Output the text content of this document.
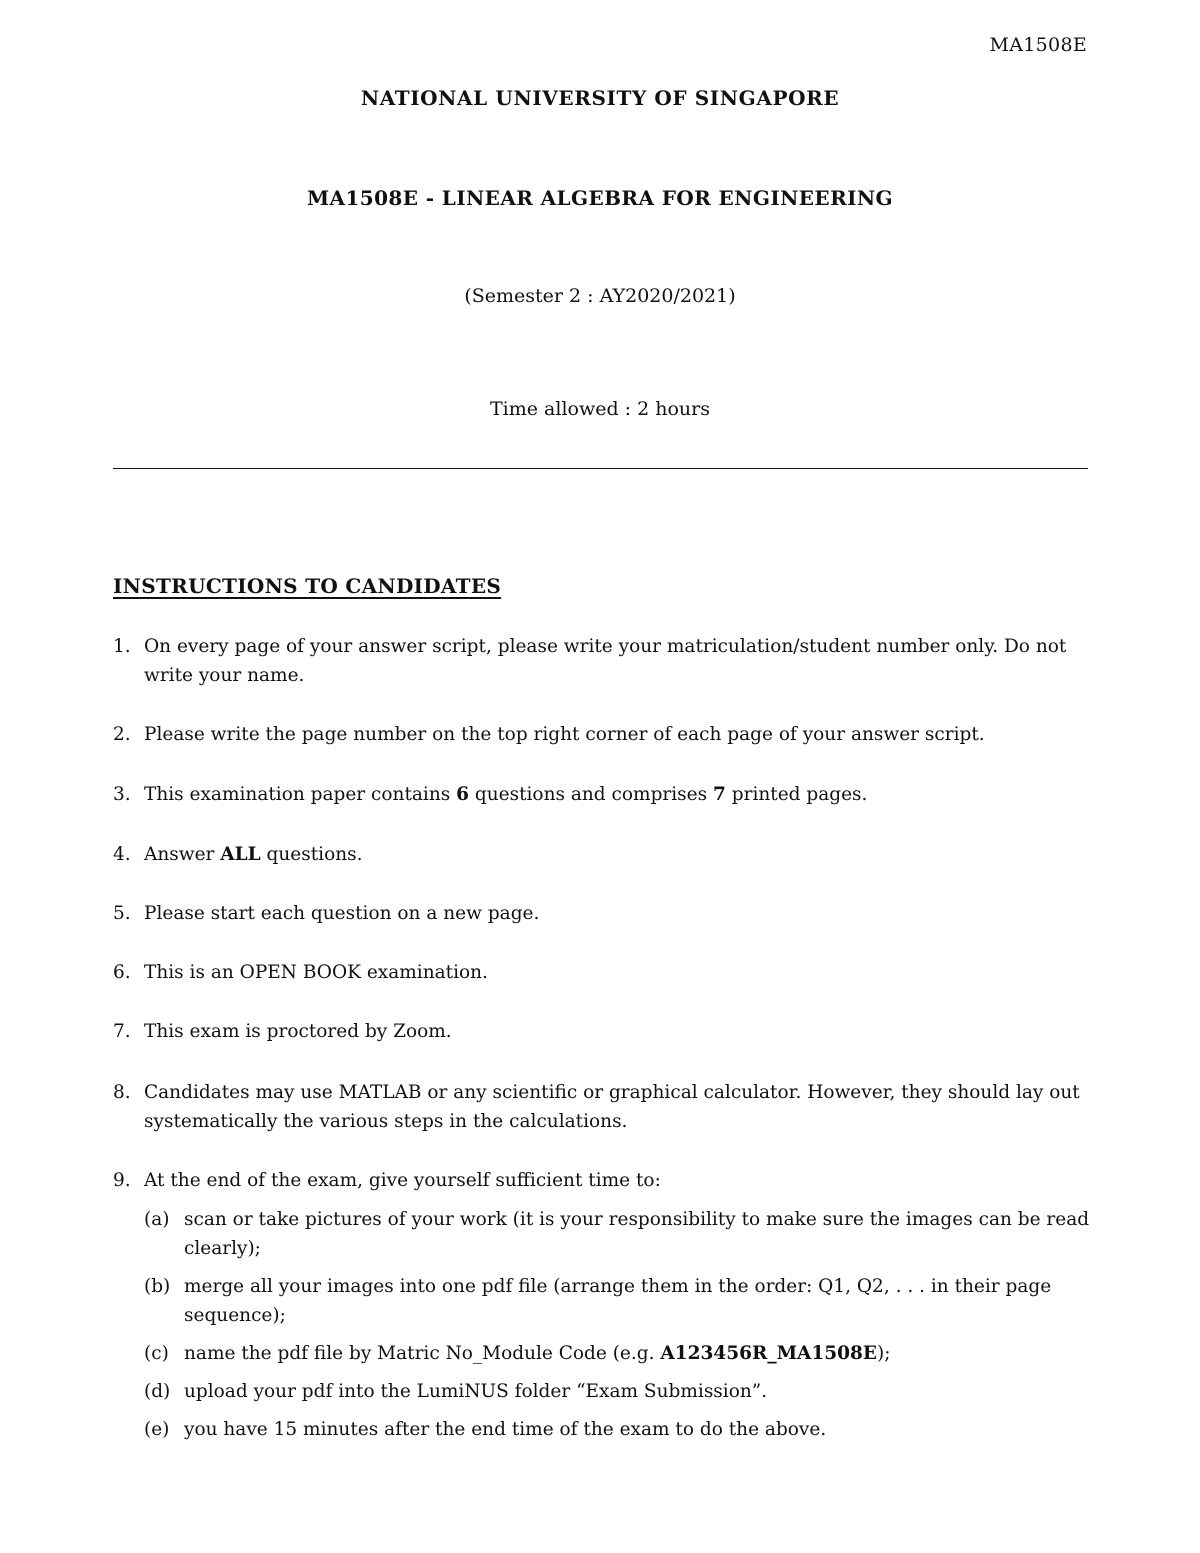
MA1508E
NATIONAL UNIVERSITY OF SINGAPORE
MA1508E - LINEAR ALGEBRA FOR ENGINEERING
(Semester 2 : AY2020/2021)
Time allowed : 2 hours
INSTRUCTIONS TO CANDIDATES
1. On every page of your answer script, please write your matriculation/student number only. Do not write your name.
2. Please write the page number on the top right corner of each page of your answer script.
3. This examination paper contains 6 questions and comprises 7 printed pages.
4. Answer ALL questions.
5. Please start each question on a new page.
6. This is an OPEN BOOK examination.
7. This exam is proctored by Zoom.
8. Candidates may use MATLAB or any scientific or graphical calculator. However, they should lay out systematically the various steps in the calculations.
9. At the end of the exam, give yourself sufficient time to:
(a) scan or take pictures of your work (it is your responsibility to make sure the images can be read clearly);
(b) merge all your images into one pdf file (arrange them in the order: Q1, Q2, . . . in their page sequence);
(c) name the pdf file by Matric No_Module Code (e.g. A123456R_MA1508E);
(d) upload your pdf into the LumiNUS folder “Exam Submission”.
(e) you have 15 minutes after the end time of the exam to do the above.
